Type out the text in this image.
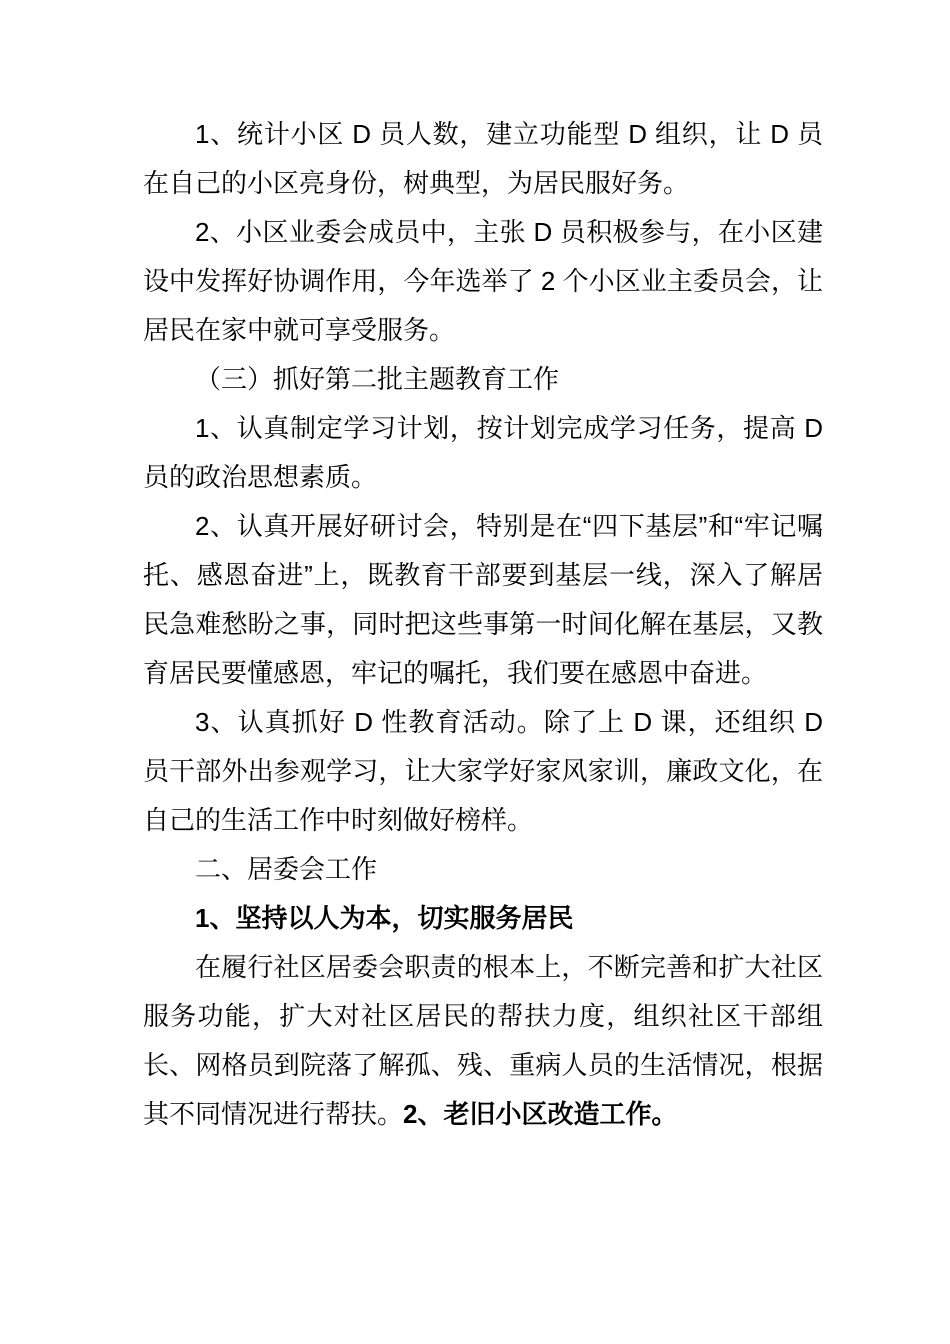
1、统计小区 D 员人数，建立功能型 D 组织，让 D 员在自己的小区亮身份，树典型，为居民服好务。

2、小区业委会成员中，主张 D 员积极参与，在小区建设中发挥好协调作用，今年选举了 2 个小区业主委员会，让居民在家中就可享受服务。

（三）抓好第二批主题教育工作

1、认真制定学习计划，按计划完成学习任务，提高 D 员的政治思想素质。

2、认真开展好研讨会，特别是在“四下基层”和“牢记嘱托、感恩奋进”上，既教育干部要到基层一线，深入了解居民急难愁盼之事，同时把这些事第一时间化解在基层，又教育居民要懂感恩，牢记的嘱托，我们要在感恩中奋进。

3、认真抓好 D 性教育活动。除了上 D 课，还组织 D 员干部外出参观学习，让大家学好家风家训，廉政文化，在自己的生活工作中时刻做好榜样。

二、居委会工作

1、坚持以人为本，切实服务居民

在履行社区居委会职责的根本上，不断完善和扩大社区服务功能，扩大对社区居民的帮扶力度，组织社区干部组长、网格员到院落了解孤、残、重病人员的生活情况，根据其不同情况进行帮扶。2、老旧小区改造工作。
